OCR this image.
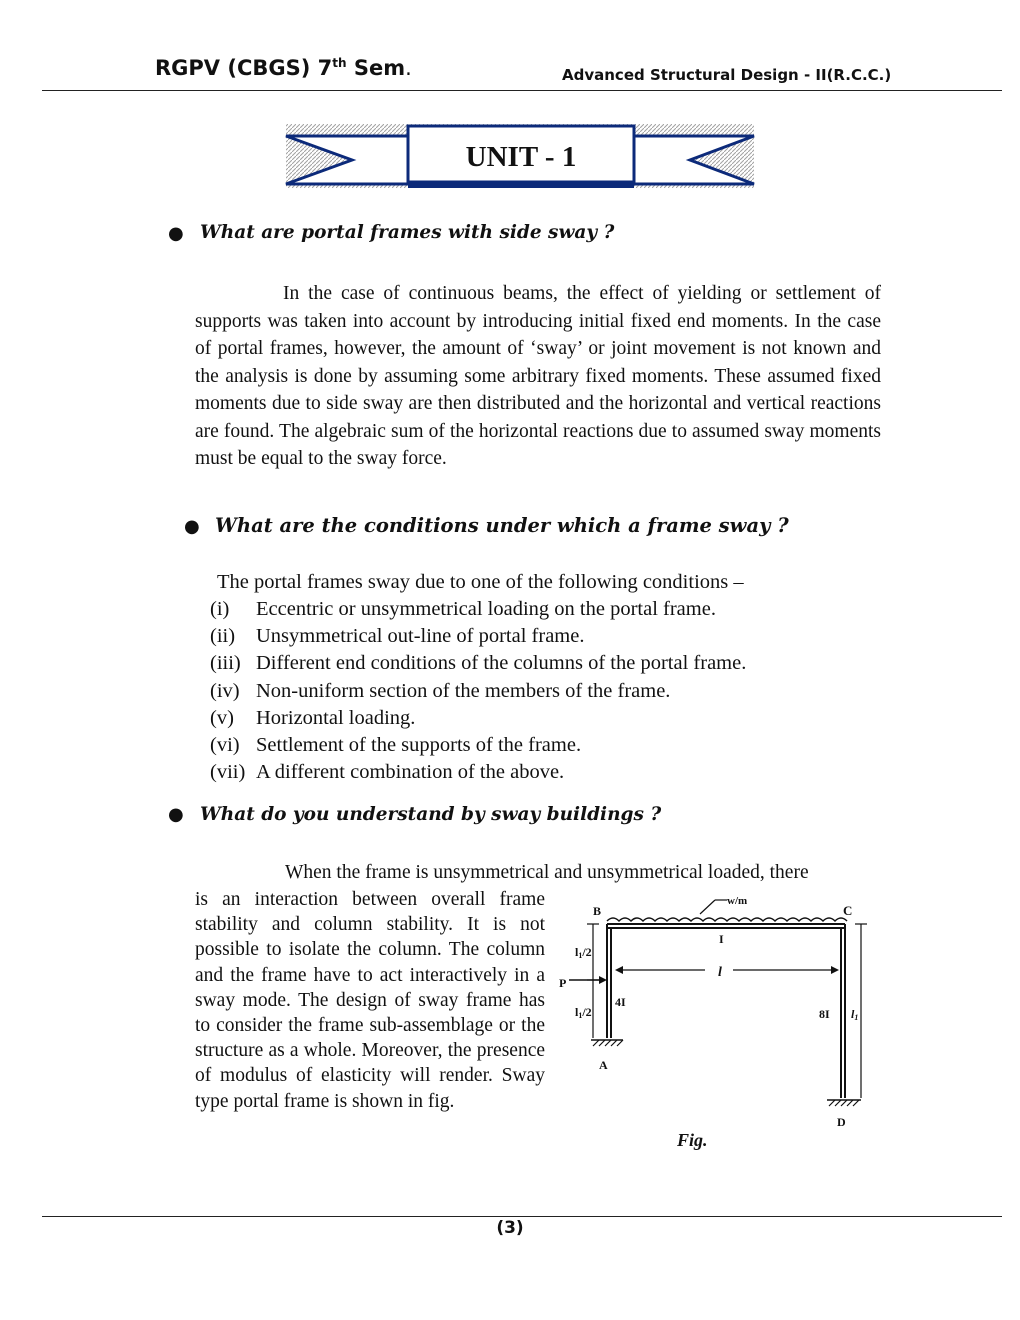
RGPV (CBGS) 7th Sem.	Advanced Structural Design - II(R.C.C.)
UNIT - 1
● What are portal frames with side sway ?
In the case of continuous beams, the effect of yielding or settlement of supports was taken into account by introducing initial fixed end moments. In the case of portal frames, however, the amount of ‘sway’ or joint movement is not known and the analysis is done by assuming some arbitrary fixed moments. These assumed fixed moments due to side sway are then distributed and the horizontal and vertical reactions are found. The algebraic sum of the horizontal reactions due to assumed sway moments must be equal to the sway force.
● What are the conditions under which a frame sway ?
The portal frames sway due to one of the following conditions –
(i)	Eccentric or unsymmetrical loading on the portal frame.
(ii)	Unsymmetrical out-line of portal frame.
(iii) Different end conditions of the columns of the portal frame.
(iv) Non-uniform section of the members of the frame.
(v)	Horizontal loading.
(vi) Settlement of the supports of the frame.
(vii) A different combination of the above.
● What do you understand by sway buildings ?
When the frame is unsymmetrical and unsymmetrical loaded, there
is an interaction between overall frame stability and column stability. It is not possible to isolate the column. The column and the frame have to act interactively in a sway mode. The design of sway frame has to consider the frame sub-assemblage or the structure as a whole. Moreover, the presence of modulus of elasticity will render. Sway type portal frame is shown in fig.
B	C
w/m
I
l
l1/2
l1/2
P
4I
8I l1
A
D
Fig.
(3)
